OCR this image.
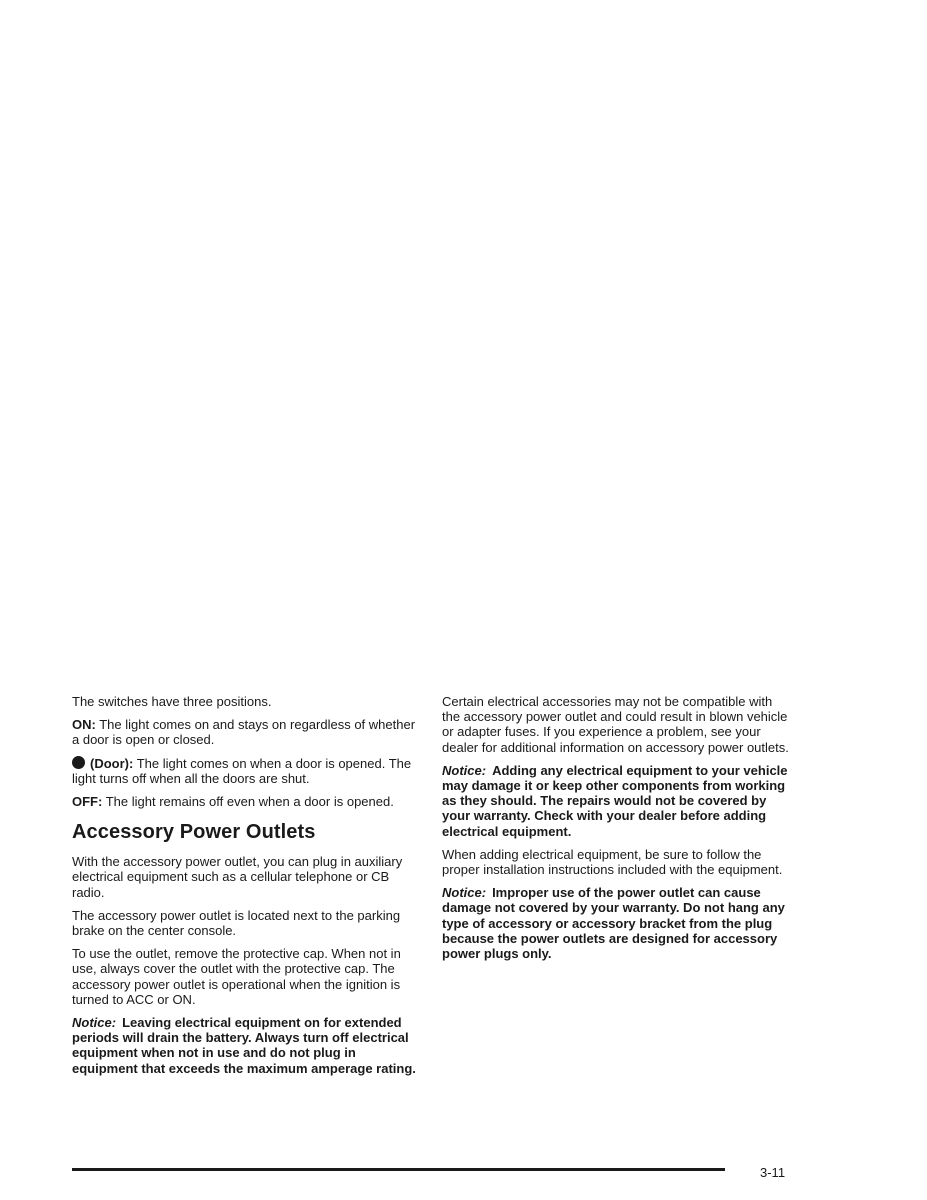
The switches have three positions.

ON: The light comes on and stays on regardless of whether a door is open or closed.

(Door): The light comes on when a door is opened. The light turns off when all the doors are shut.

OFF: The light remains off even when a door is opened.

Accessory Power Outlets

With the accessory power outlet, you can plug in auxiliary electrical equipment such as a cellular telephone or CB radio.

The accessory power outlet is located next to the parking brake on the center console.

To use the outlet, remove the protective cap. When not in use, always cover the outlet with the protective cap. The accessory power outlet is operational when the ignition is turned to ACC or ON.

Notice: Leaving electrical equipment on for extended periods will drain the battery. Always turn off electrical equipment when not in use and do not plug in equipment that exceeds the maximum amperage rating.

Certain electrical accessories may not be compatible with the accessory power outlet and could result in blown vehicle or adapter fuses. If you experience a problem, see your dealer for additional information on accessory power outlets.

Notice: Adding any electrical equipment to your vehicle may damage it or keep other components from working as they should. The repairs would not be covered by your warranty. Check with your dealer before adding electrical equipment.

When adding electrical equipment, be sure to follow the proper installation instructions included with the equipment.

Notice: Improper use of the power outlet can cause damage not covered by your warranty. Do not hang any type of accessory or accessory bracket from the plug because the power outlets are designed for accessory power plugs only.

3-11
